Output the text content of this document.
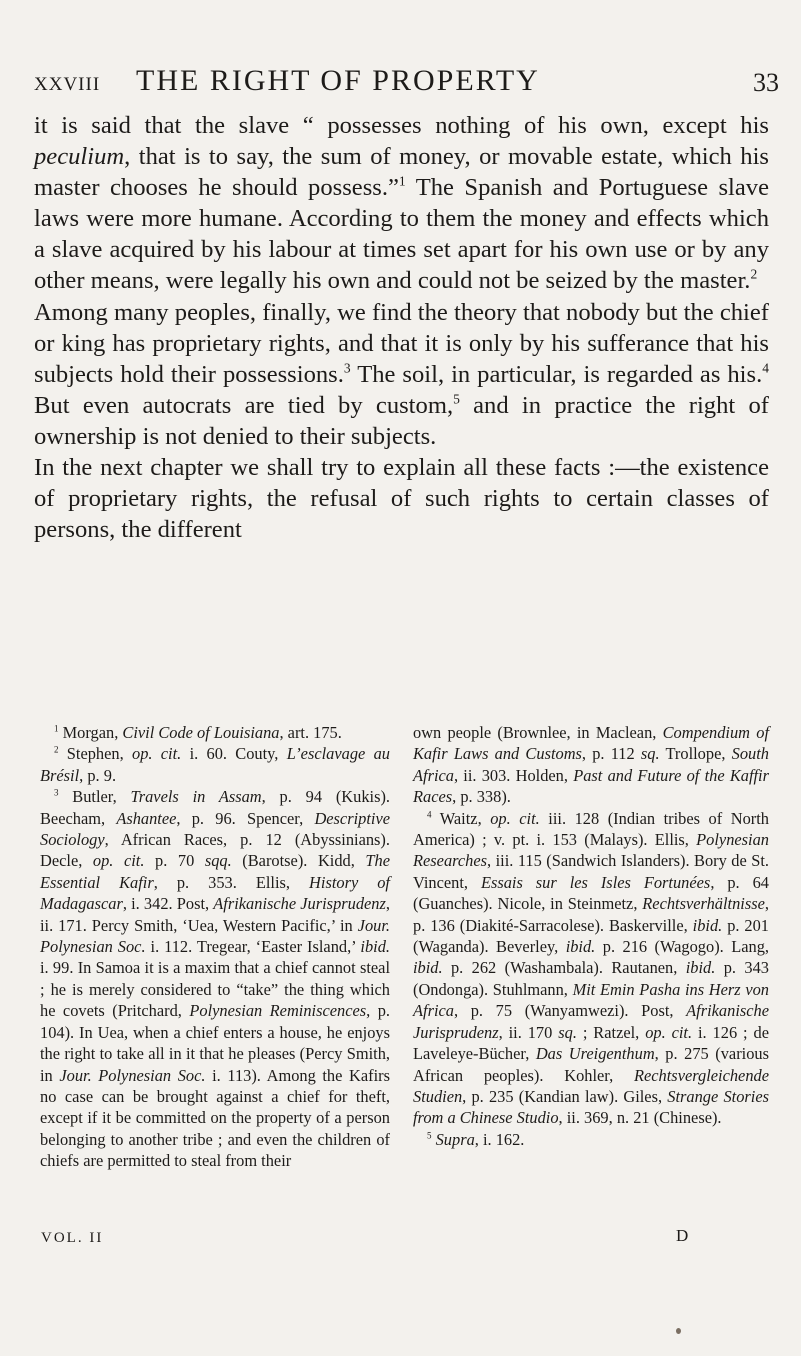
XXVIII THE RIGHT OF PROPERTY	33

it is said that the slave “ possesses nothing of his own, except his peculium, that is to say, the sum of money, or movable estate, which his master chooses he should possess.”$^1$ The Spanish and Portuguese slave laws were more humane. According to them the money and effects which a slave acquired by his labour at times set apart for his own use or by any other means, were legally his own and could not be seized by the master.$^2$

Among many peoples, finally, we find the theory that nobody but the chief or king has proprietary rights, and that it is only by his sufferance that his subjects hold their possessions.$^3$ The soil, in particular, is regarded as his.$^4$ But even autocrats are tied by custom,$^5$ and in practice the right of ownership is not denied to their subjects.

In the next chapter we shall try to explain all these facts :—the existence of proprietary rights, the refusal of such rights to certain classes of persons, the different

$^1$ Morgan, Civil Code of Louisiana, art. 175.

$^2$ Stephen, op. cit. i. 60. Couty, L’esclavage au Brésil, p. 9.

$^3$ Butler, Travels in Assam, p. 94 (Kukis). Beecham, Ashantee, p. 96. Spencer, Descriptive Sociology, African Races, p. 12 (Abyssinians). Decle, op. cit. p. 70 sqq. (Barotse). Kidd, The Essential Kafir, p. 353. Ellis, History of Madagascar, i. 342. Post, Afrikanische Jurisprudenz, ii. 171. Percy Smith, ‘Uea, Western Pacific,’ in Jour. Polynesian Soc. i. 112. Tregear, ‘Easter Island,’ ibid. i. 99. In Samoa it is a maxim that a chief cannot steal ; he is merely considered to “take” the thing which he covets (Pritchard, Polynesian Reminiscences, p. 104). In Uea, when a chief enters a house, he enjoys the right to take all in it that he pleases (Percy Smith, in Jour. Polynesian Soc. i. 113). Among the Kafirs no case can be brought against a chief for theft, except if it be committed on the property of a person belonging to another tribe ; and even the children of chiefs are permitted to steal from their

own people (Brownlee, in Maclean, Compendium of Kafir Laws and Customs, p. 112 sq. Trollope, South Africa, ii. 303. Holden, Past and Future of the Kaffir Races, p. 338).

$^4$ Waitz, op. cit. iii. 128 (Indian tribes of North America) ; v. pt. i. 153 (Malays). Ellis, Polynesian Researches, iii. 115 (Sandwich Islanders). Bory de St. Vincent, Essais sur les Isles Fortunées, p. 64 (Guanches). Nicole, in Steinmetz, Rechtsverhältnisse, p. 136 (Diakité-Sarracolese). Baskerville, ibid. p. 201 (Waganda). Beverley, ibid. p. 216 (Wagogo). Lang, ibid. p. 262 (Washambala). Rautanen, ibid. p. 343 (Ondonga). Stuhlmann, Mit Emin Pasha ins Herz von Africa, p. 75 (Wanyamwezi). Post, Afrikanische Jurisprudenz, ii. 170 sq. ; Ratzel, op. cit. i. 126 ; de Laveleye-Bücher, Das Ureigenthum, p. 275 (various African peoples). Kohler, Rechtsvergleichende Studien, p. 235 (Kandian law). Giles, Strange Stories from a Chinese Studio, ii. 369, n. 21 (Chinese).

$^5$ Supra, i. 162.

VOL. II	D
